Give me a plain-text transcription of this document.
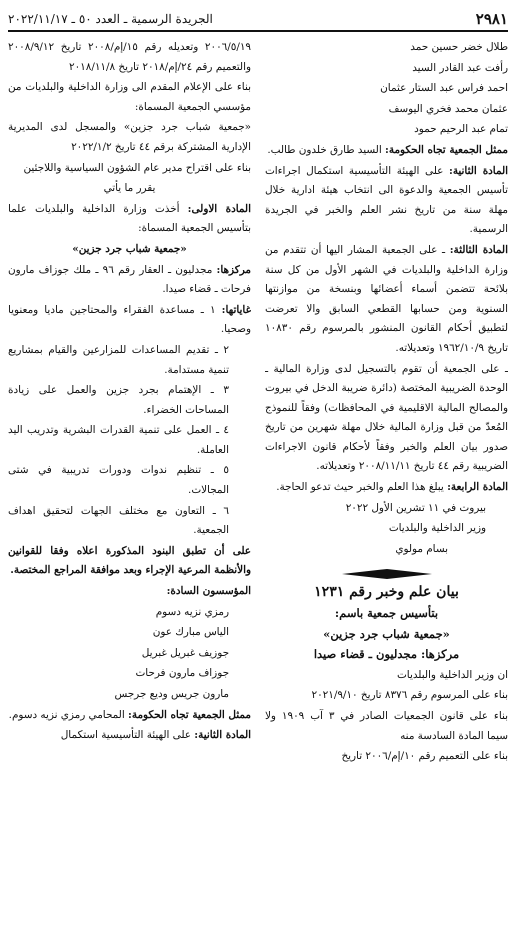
٢٩٨١
الجريدة الرسمية ـ العدد ٥٠ ـ ٢٠٢٢/١١/١٧

طلال خضر حسين حمد

رأفت عبد القادر السيد

احمد فراس عبد الستار عثمان

عثمان محمد فخري اليوسف

تمام عبد الرحيم حمود

ممثل الجمعية تجاه الحكومة: السيد طارق خلدون طالب.

المادة الثانية: على الهيئة التأسيسية استكمال اجراءات تأسيس الجمعية والدعوة الى انتخاب هيئة ادارية خلال مهلة سنة من تاريخ نشر العلم والخبر في الجريدة الرسمية.

المادة الثالثة: ـ على الجمعية المشار اليها أن تتقدم من وزارة الداخلية والبلديات في الشهر الأول من كل سنة بلائحة تتضمن أسماء أعضائها وبنسخة من موازنتها السنوية ومن حسابها القطعي السابق والا تعرضت لتطبيق أحكام القانون المنشور بالمرسوم رقم ١٠٨٣٠ تاريخ ١٩٦٢/١٠/٩ وتعديلاته.

ـ على الجمعية أن تقوم بالتسجيل لدى وزارة المالية ـ الوحدة الضريبية المختصة (دائرة ضريبة الدخل في بيروت والمصالح المالية الاقليمية في المحافظات) وفقاً للنموذج المُعدّ من قبل وزارة المالية خلال مهلة شهرين من تاريخ صدور بيان العلم والخبر وفقاً لأحكام قانون الاجراءات الضريبية رقم ٤٤ تاريخ ٢٠٠٨/١١/١١ وتعديلاته.

المادة الرابعة: يبلغ هذا العلم والخبر حيث تدعو الحاجة.

بيروت في ١١ تشرين الأول ٢٠٢٢

وزير الداخلية والبلديات

بسام مولوي

بيان علم وخبر رقم ١٢٣١

بتأسيس جمعية باسم:

«جمعية شباب جرد جزين»

مركزها: مجدليون ـ قضاء صيدا

ان وزير الداخلية والبلديات

بناء على المرسوم رقم ٨٣٧٦ تاريخ ٢٠٢١/٩/١٠

بناء على قانون الجمعيات الصادر في ٣ آب ١٩٠٩ ولا سيما المادة السادسة منه

بناء على التعميم رقم ١٠/إم/٢٠٠٦ تاريخ

٢٠٠٦/٥/١٩ وتعديله رقم ١٥/إم/٢٠٠٨ تاريخ ٢٠٠٨/٩/١٢ والتعميم رقم ٢٤/إم/٢٠١٨ تاريخ ٢٠١٨/١١/٨

بناء على الإعلام المقدم الى وزارة الداخلية والبلديات من مؤسسي الجمعية المسماة:

«جمعية شباب جرد جزين» والمسجل لدى المديرية الإدارية المشتركة برقم ٤٤ تاريخ ٢٠٢٢/١/٢

بناء على اقتراح مدير عام الشؤون السياسية واللاجئين

يقرر ما يأتي

المادة الاولى: أخذت وزارة الداخلية والبلديات علما بتأسيس الجمعية المسماة:

«جمعية شباب جرد جزين»

مركزها: مجدليون ـ العقار رقم ٩٦ ـ ملك جوزاف مارون فرحات ـ قضاء صيدا.

غاياتها: ١ ـ مساعدة الفقراء والمحتاجين ماديا ومعنويا وصحيا.

٢ ـ تقديم المساعدات للمزارعين والقيام بمشاريع تنمية مستدامة.

٣ ـ الإهتمام بجرد جزين والعمل على زيادة المساحات الخضراء.

٤ ـ العمل على تنمية القدرات البشرية وتدريب اليد العاملة.

٥ ـ تنظيم ندوات ودورات تدريبية في شتى المجالات.

٦ ـ التعاون مع مختلف الجهات لتحقيق اهداف الجمعية.

على أن تطبق البنود المذكورة اعلاه وفقا للقوانين والأنظمة المرعية الإجراء وبعد موافقة المراجع المختصة.

المؤسسون السادة:

رمزي نزيه دسوم

الياس مبارك عون

جوزيف غبريل غبريل

جوزاف مارون فرحات

مارون جريس وديع جرجس

ممثل الجمعية تجاه الحكومة: المحامي رمزي نزيه دسوم.

المادة الثانية: على الهيئة التأسيسية استكمال
